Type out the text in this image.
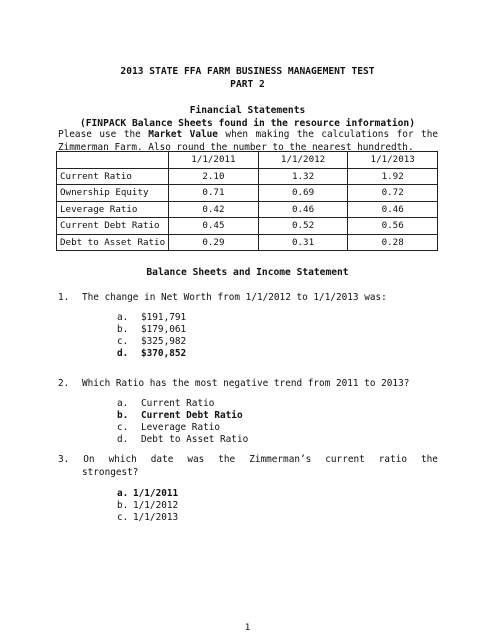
2013 STATE FFA FARM BUSINESS MANAGEMENT TEST
PART 2
Financial Statements
(FINPACK Balance Sheets found in the resource information)
Please use the Market Value when making the calculations for the Zimmerman Farm. Also round the number to the nearest hundredth.
	1/1/2011	1/1/2012	1/1/2013
Current Ratio	2.10	1.32	1.92
Ownership Equity	0.71	0.69	0.72
Leverage Ratio	0.42	0.46	0.46
Current Debt Ratio	0.45	0.52	0.56
Debt to Asset Ratio	0.29	0.31	0.28
Balance Sheets and Income Statement
1. The change in Net Worth from 1/1/2012 to 1/1/2013 was:
a. $191,791
b. $179,061
c. $325,982
d. $370,852
2. Which Ratio has the most negative trend from 2011 to 2013?
a. Current Ratio
b. Current Debt Ratio
c. Leverage Ratio
d. Debt to Asset Ratio
3. On which date was the Zimmerman’s current ratio the
strongest?
a. 1/1/2011
b. 1/1/2012
c. 1/1/2013
1
